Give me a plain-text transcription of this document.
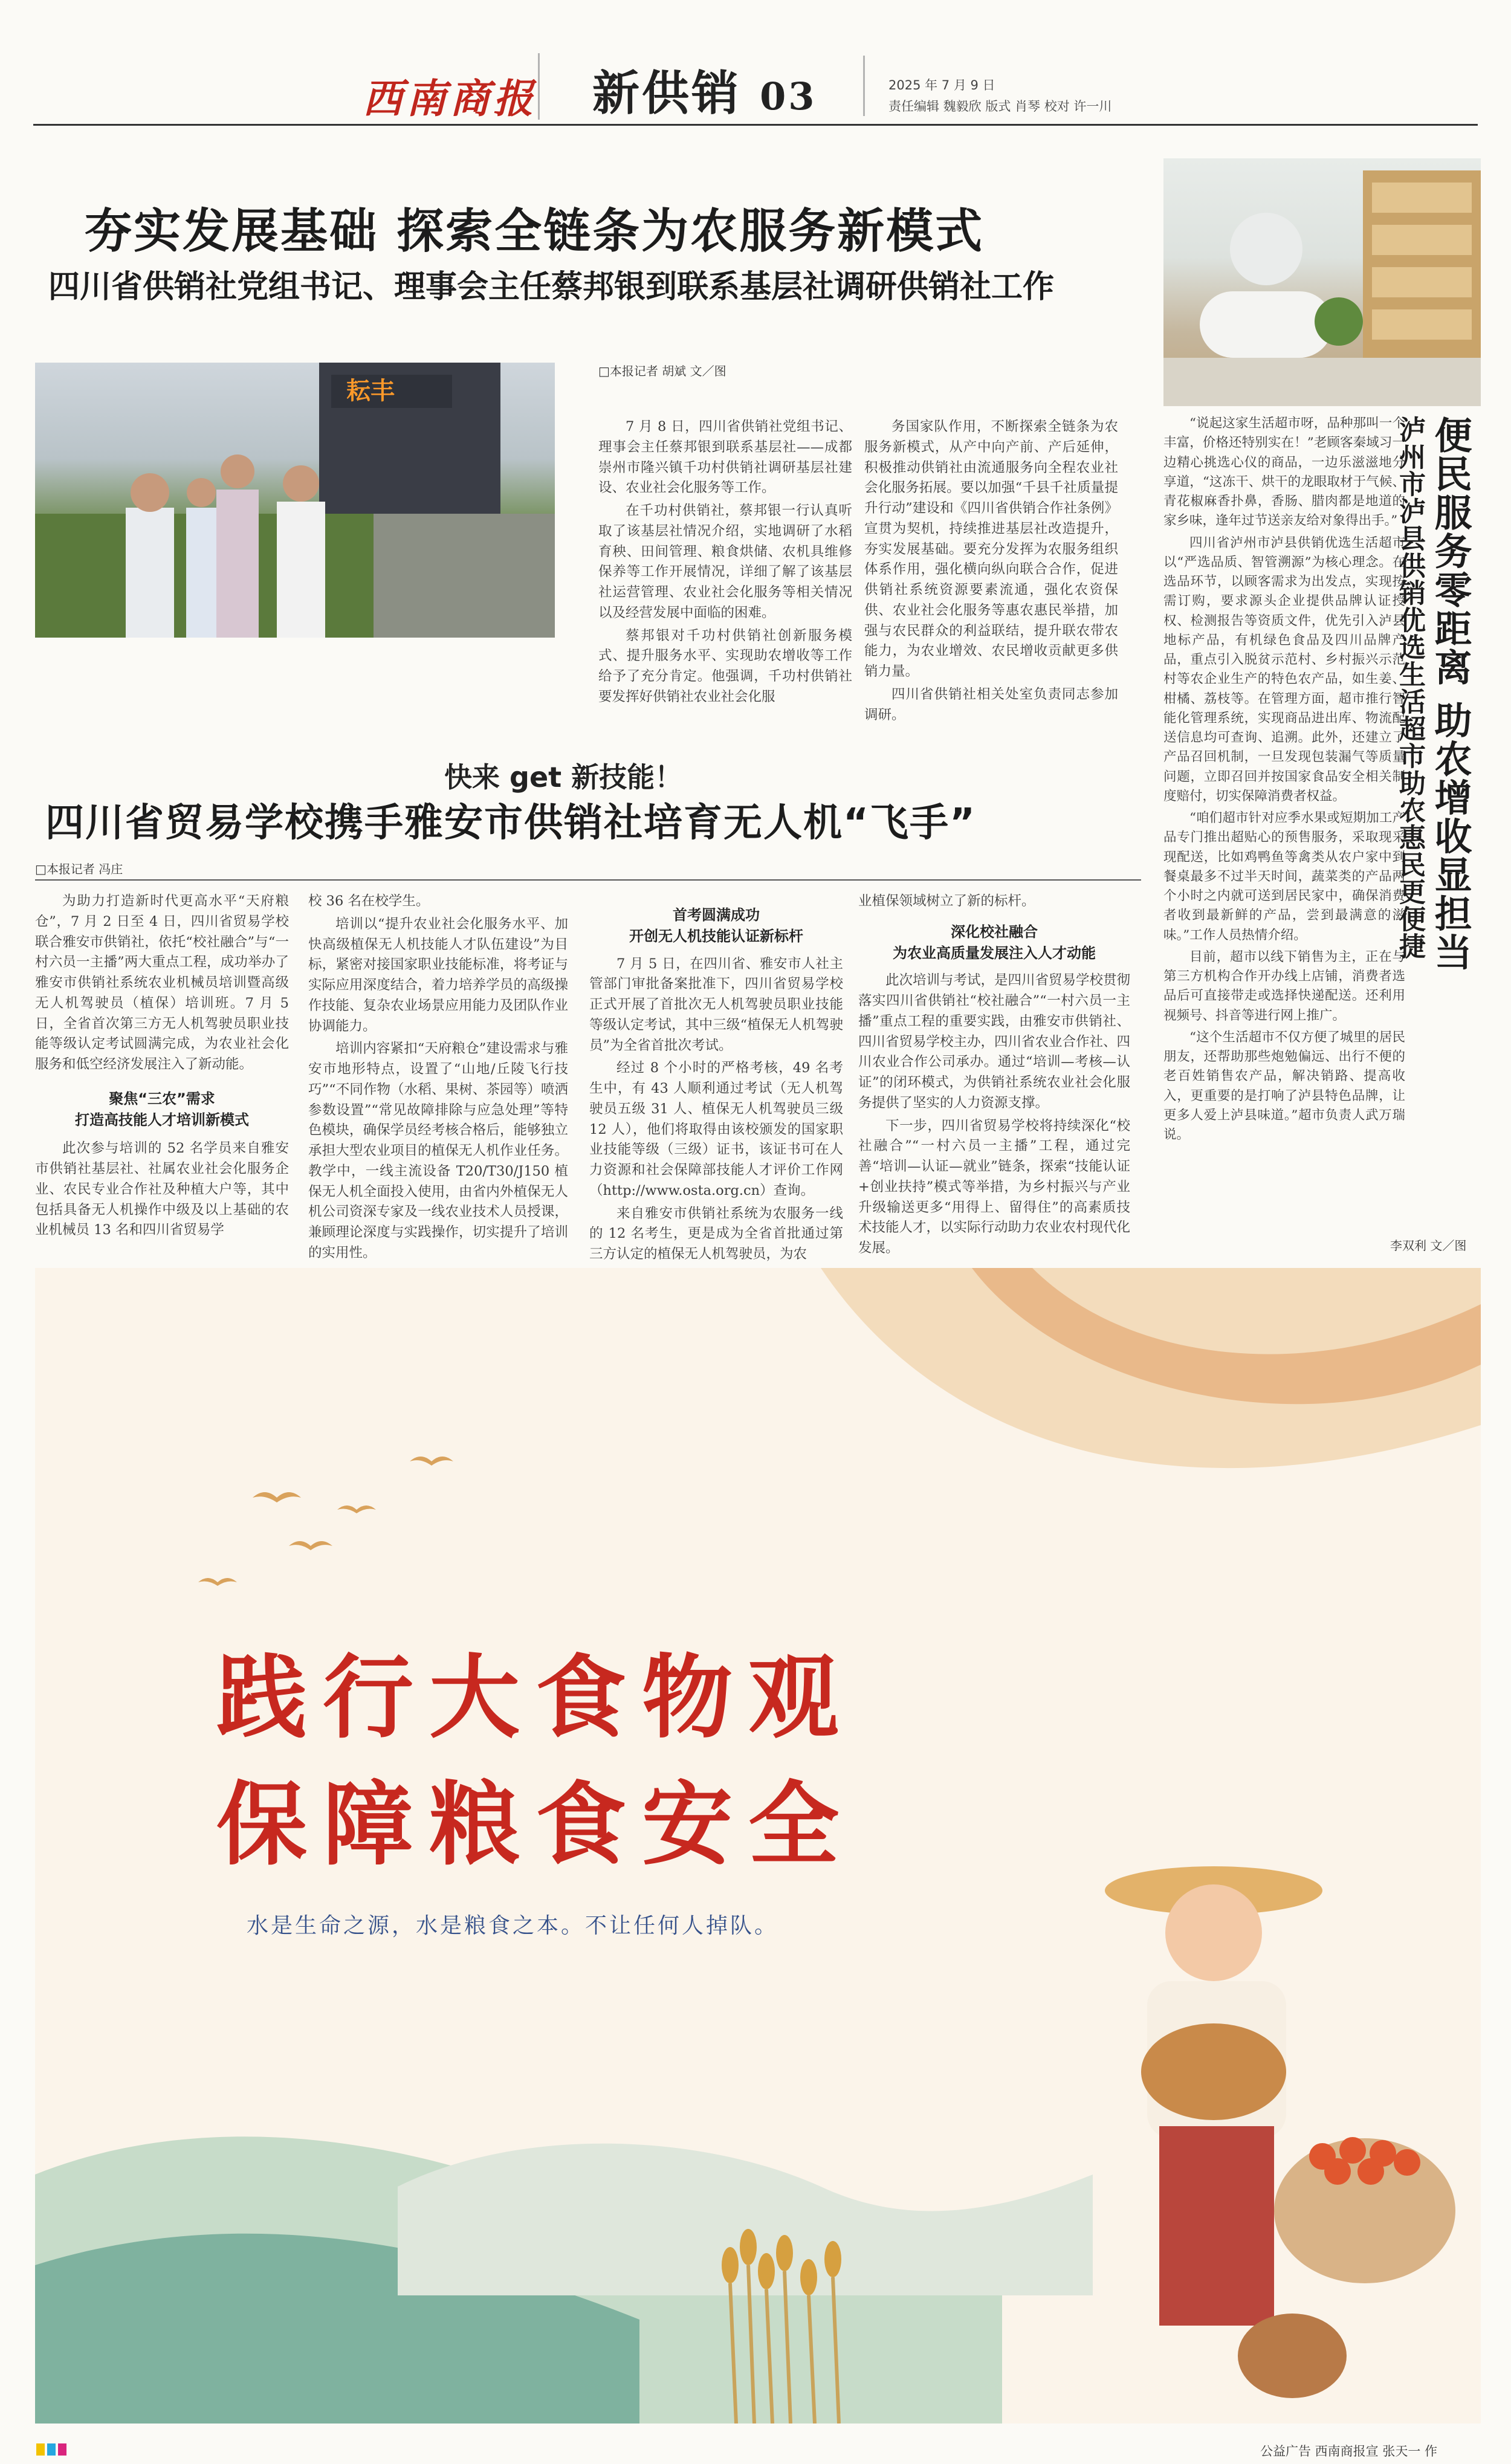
西南商报	新供销 03	2025 年 7 月 9 日
责任编辑 魏毅欣 版式 肖琴 校对 许一川
夯实发展基础 探索全链条为农服务新模式
四川省供销社党组书记、理事会主任蔡邦银到联系基层社调研供销社工作
耘丰
□本报记者 胡斌 文／图

7 月 8 日，四川省供销社党组书记、理事会主任蔡邦银到联系基层社——成都崇州市隆兴镇千功村供销社调研基层社建设、农业社会化服务等工作。

在千功村供销社，蔡邦银一行认真听取了该基层社情况介绍，实地调研了水稻育秧、田间管理、粮食烘储、农机具维修保养等工作开展情况，详细了解了该基层社运营管理、农业社会化服务等相关情况以及经营发展中面临的困难。

蔡邦银对千功村供销社创新服务模式、提升服务水平、实现助农增收等工作给予了充分肯定。他强调，千功村供销社要发挥好供销社农业社会化服

务国家队作用，不断探索全链条为农服务新模式，从产中向产前、产后延伸，积极推动供销社由流通服务向全程农业社会化服务拓展。要以加强“千县千社质量提升行动”建设和《四川省供销合作社条例》宣贯为契机，持续推进基层社改造提升，夯实发展基础。要充分发挥为农服务组织体系作用，强化横向纵向联合合作，促进供销社系统资源要素流通，强化农资保供、农业社会化服务等惠农惠民举措，加强与农民群众的利益联结，提升联农带农能力，为农业增效、农民增收贡献更多供销力量。

四川省供销社相关处室负责同志参加调研。

快来 get 新技能！
四川省贸易学校携手雅安市供销社培育无人机“飞手”
□本报记者 冯庄

为助力打造新时代更高水平“天府粮仓”，7 月 2 日至 4 日，四川省贸易学校联合雅安市供销社，依托“校社融合”与“一村六员一主播”两大重点工程，成功举办了雅安市供销社系统农业机械员培训暨高级无人机驾驶员（植保）培训班。7 月 5 日，全省首次第三方无人机驾驶员职业技能等级认定考试圆满完成，为农业社会化服务和低空经济发展注入了新动能。

聚焦“三农”需求
打造高技能人才培训新模式

此次参与培训的 52 名学员来自雅安市供销社基层社、社属农业社会化服务企业、农民专业合作社及种植大户等，其中包括具备无人机操作中级及以上基础的农业机械员 13 名和四川省贸易学

校 36 名在校学生。

培训以“提升农业社会化服务水平、加快高级植保无人机技能人才队伍建设”为目标，紧密对接国家职业技能标准，将考证与实际应用深度结合，着力培养学员的高级操作技能、复杂农业场景应用能力及团队作业协调能力。

培训内容紧扣“天府粮仓”建设需求与雅安市地形特点，设置了“山地/丘陵飞行技巧”“不同作物（水稻、果树、茶园等）喷洒参数设置”“常见故障排除与应急处理”等特色模块，确保学员经考核合格后，能够独立承担大型农业项目的植保无人机作业任务。教学中，一线主流设备 T20/T30/J150 植保无人机全面投入使用，由省内外植保无人机公司资深专家及一线农业技术人员授课，兼顾理论深度与实践操作，切实提升了培训的实用性。

首考圆满成功
开创无人机技能认证新标杆

7 月 5 日，在四川省、雅安市人社主管部门审批备案批准下，四川省贸易学校正式开展了首批次无人机驾驶员职业技能等级认定考试，其中三级“植保无人机驾驶员”为全省首批次考试。

经过 8 个小时的严格考核，49 名考生中，有 43 人顺利通过考试（无人机驾驶员五级 31 人、植保无人机驾驶员三级 12 人），他们将取得由该校颁发的国家职业技能等级（三级）证书，该证书可在人力资源和社会保障部技能人才评价工作网（http://www.osta.org.cn）查询。

来自雅安市供销社系统为农服务一线的 12 名考生，更是成为全省首批通过第三方认定的植保无人机驾驶员，为农

业植保领域树立了新的标杆。

深化校社融合
为农业高质量发展注入人才动能

此次培训与考试，是四川省贸易学校贯彻落实四川省供销社“校社融合”“一村六员一主播”重点工程的重要实践，由雅安市供销社、四川省贸易学校主办，四川省农业合作社、四川农业合作公司承办。通过“培训—考核—认证”的闭环模式，为供销社系统农业社会化服务提供了坚实的人力资源支撑。

下一步，四川省贸易学校将持续深化“校社融合”“一村六员一主播”工程，通过完善“培训—认证—就业”链条，探索“技能认证+创业扶持”模式等举措，为乡村振兴与产业升级输送更多“用得上、留得住”的高素质技术技能人才，以实际行动助力农业农村现代化发展。

“说起这家生活超市呀，品种那叫一个丰富，价格还特别实在！”老顾客秦域习一边精心挑选心仪的商品，一边乐滋滋地分享道，“这冻干、烘干的龙眼取材于气候、青花椒麻香扑鼻，香肠、腊肉都是地道的家乡味，逢年过节送亲友给对象得出手。”

四川省泸州市泸县供销优选生活超市以“严选品质、智管溯源”为核心理念。在选品环节，以顾客需求为出发点，实现按需订购，要求源头企业提供品牌认证授权、检测报告等资质文件，优先引入泸县地标产品，有机绿色食品及四川品牌产品，重点引入脱贫示范村、乡村振兴示范村等农企业生产的特色农产品，如生姜、柑橘、荔枝等。在管理方面，超市推行智能化管理系统，实现商品进出库、物流配送信息均可查询、追溯。此外，还建立了产品召回机制，一旦发现包装漏气等质量问题，立即召回并按国家食品安全相关制度赔付，切实保障消费者权益。

“咱们超市针对应季水果或短期加工产品专门推出超贴心的预售服务，采取现采现配送，比如鸡鸭鱼等禽类从农户家中到餐桌最多不过半天时间，蔬菜类的产品两个小时之内就可送到居民家中，确保消费者收到最新鲜的产品，尝到最满意的滋味。”工作人员热情介绍。

目前，超市以线下销售为主，正在与第三方机构合作开办线上店铺，消费者选品后可直接带走或选择快递配送。还利用视频号、抖音等进行网上推广。

“这个生活超市不仅方便了城里的居民朋友，还帮助那些炮勉偏远、出行不便的老百姓销售农产品，解决销路、提高收入，更重要的是打响了泸县特色品牌，让更多人爱上泸县味道。”超市负责人武万瑞说。

便民服务零距离 助农增收显担当
泸州市泸县供销优选生活超市助农惠民更便捷
李双利 文／图
践行大食物观
保障粮食安全
水是生命之源，水是粮食之本。不让任何人掉队。
公益广告 西南商报宣 张天一 作
